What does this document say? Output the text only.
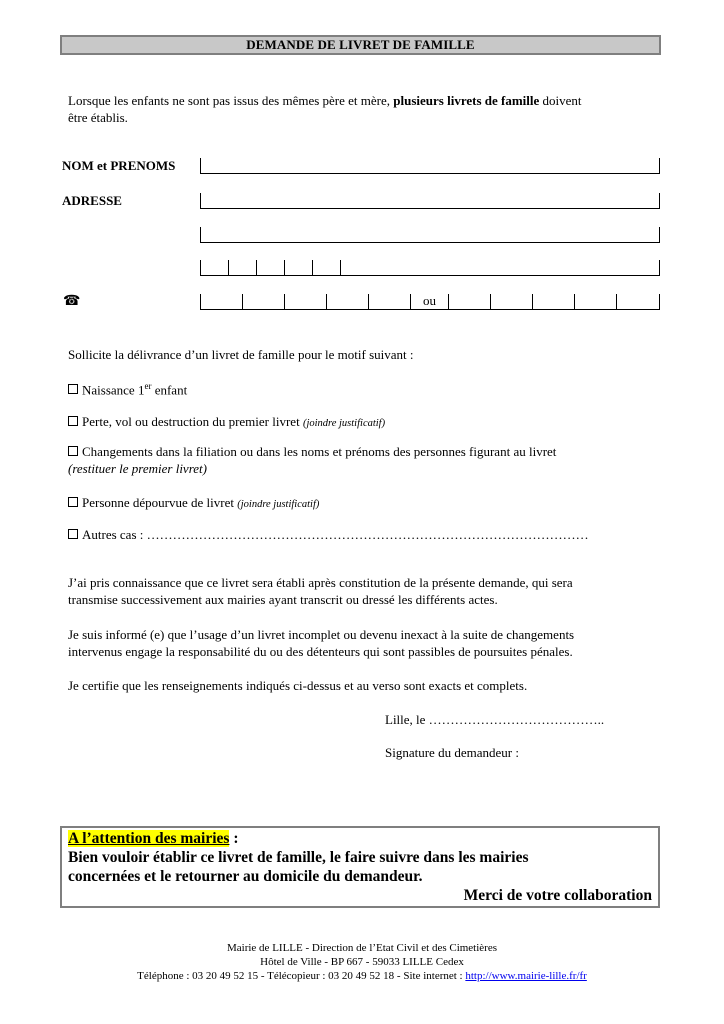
DEMANDE DE LIVRET DE FAMILLE
Lorsque les enfants ne sont pas issus des mêmes père et mère, plusieurs livrets de famille doivent
être établis.
NOM et PRENOMS
ADRESSE
☎	ou
Sollicite la délivrance d’un livret de famille pour le motif suivant :
Naissance 1er enfant
Perte, vol ou destruction du premier livret (joindre justificatif)
Changements dans la filiation ou dans les noms et prénoms des personnes figurant au livret
(restituer le premier livret)
Personne dépourvue de livret (joindre justificatif)
Autres cas : …………………………………………………………………………………………
J’ai pris connaissance que ce livret sera établi après constitution de la présente demande, qui sera
transmise successivement aux mairies ayant transcrit ou dressé les différents actes.
Je suis informé (e) que l’usage d’un livret incomplet ou devenu inexact à la suite de changements
intervenus engage la responsabilité du ou des détenteurs qui sont passibles de poursuites pénales.
Je certifie que les renseignements indiqués ci-dessus et au verso sont exacts et complets.
Lille, le …………………………………..
Signature du demandeur :
A l’attention des mairies :
Bien vouloir établir ce livret de famille, le faire suivre dans les mairies
concernées et le retourner au domicile du demandeur.
Merci de votre collaboration
Mairie de LILLE - Direction de l’Etat Civil et des Cimetières
Hôtel de Ville - BP 667 - 59033 LILLE Cedex
Téléphone : 03 20 49 52 15 - Télécopieur : 03 20 49 52 18 - Site internet : http://www.mairie-lille.fr/fr
